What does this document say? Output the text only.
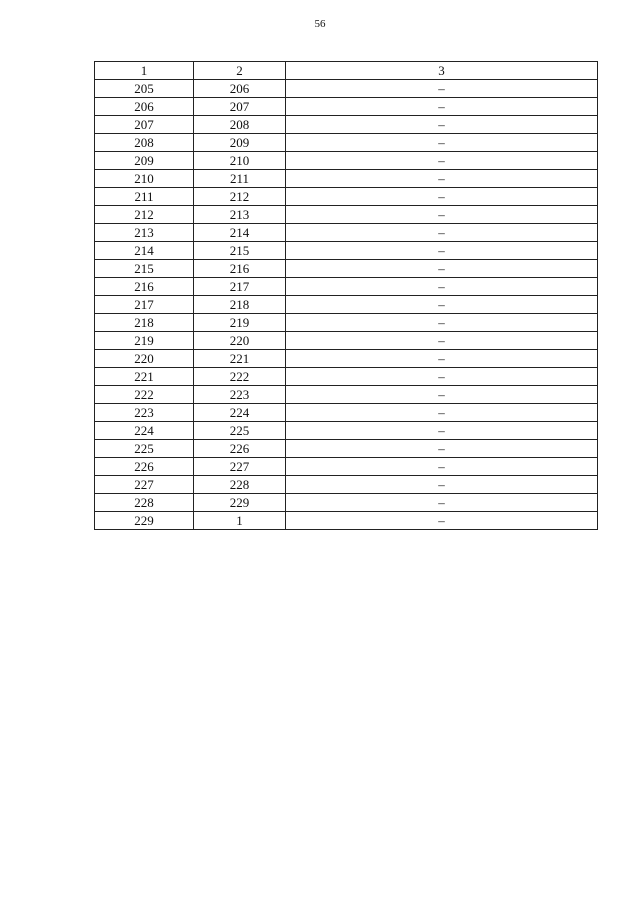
56
1	2	3
205	206	–
206	207	–
207	208	–
208	209	–
209	210	–
210	211	–
211	212	–
212	213	–
213	214	–
214	215	–
215	216	–
216	217	–
217	218	–
218	219	–
219	220	–
220	221	–
221	222	–
222	223	–
223	224	–
224	225	–
225	226	–
226	227	–
227	228	–
228	229	–
229	1	–
